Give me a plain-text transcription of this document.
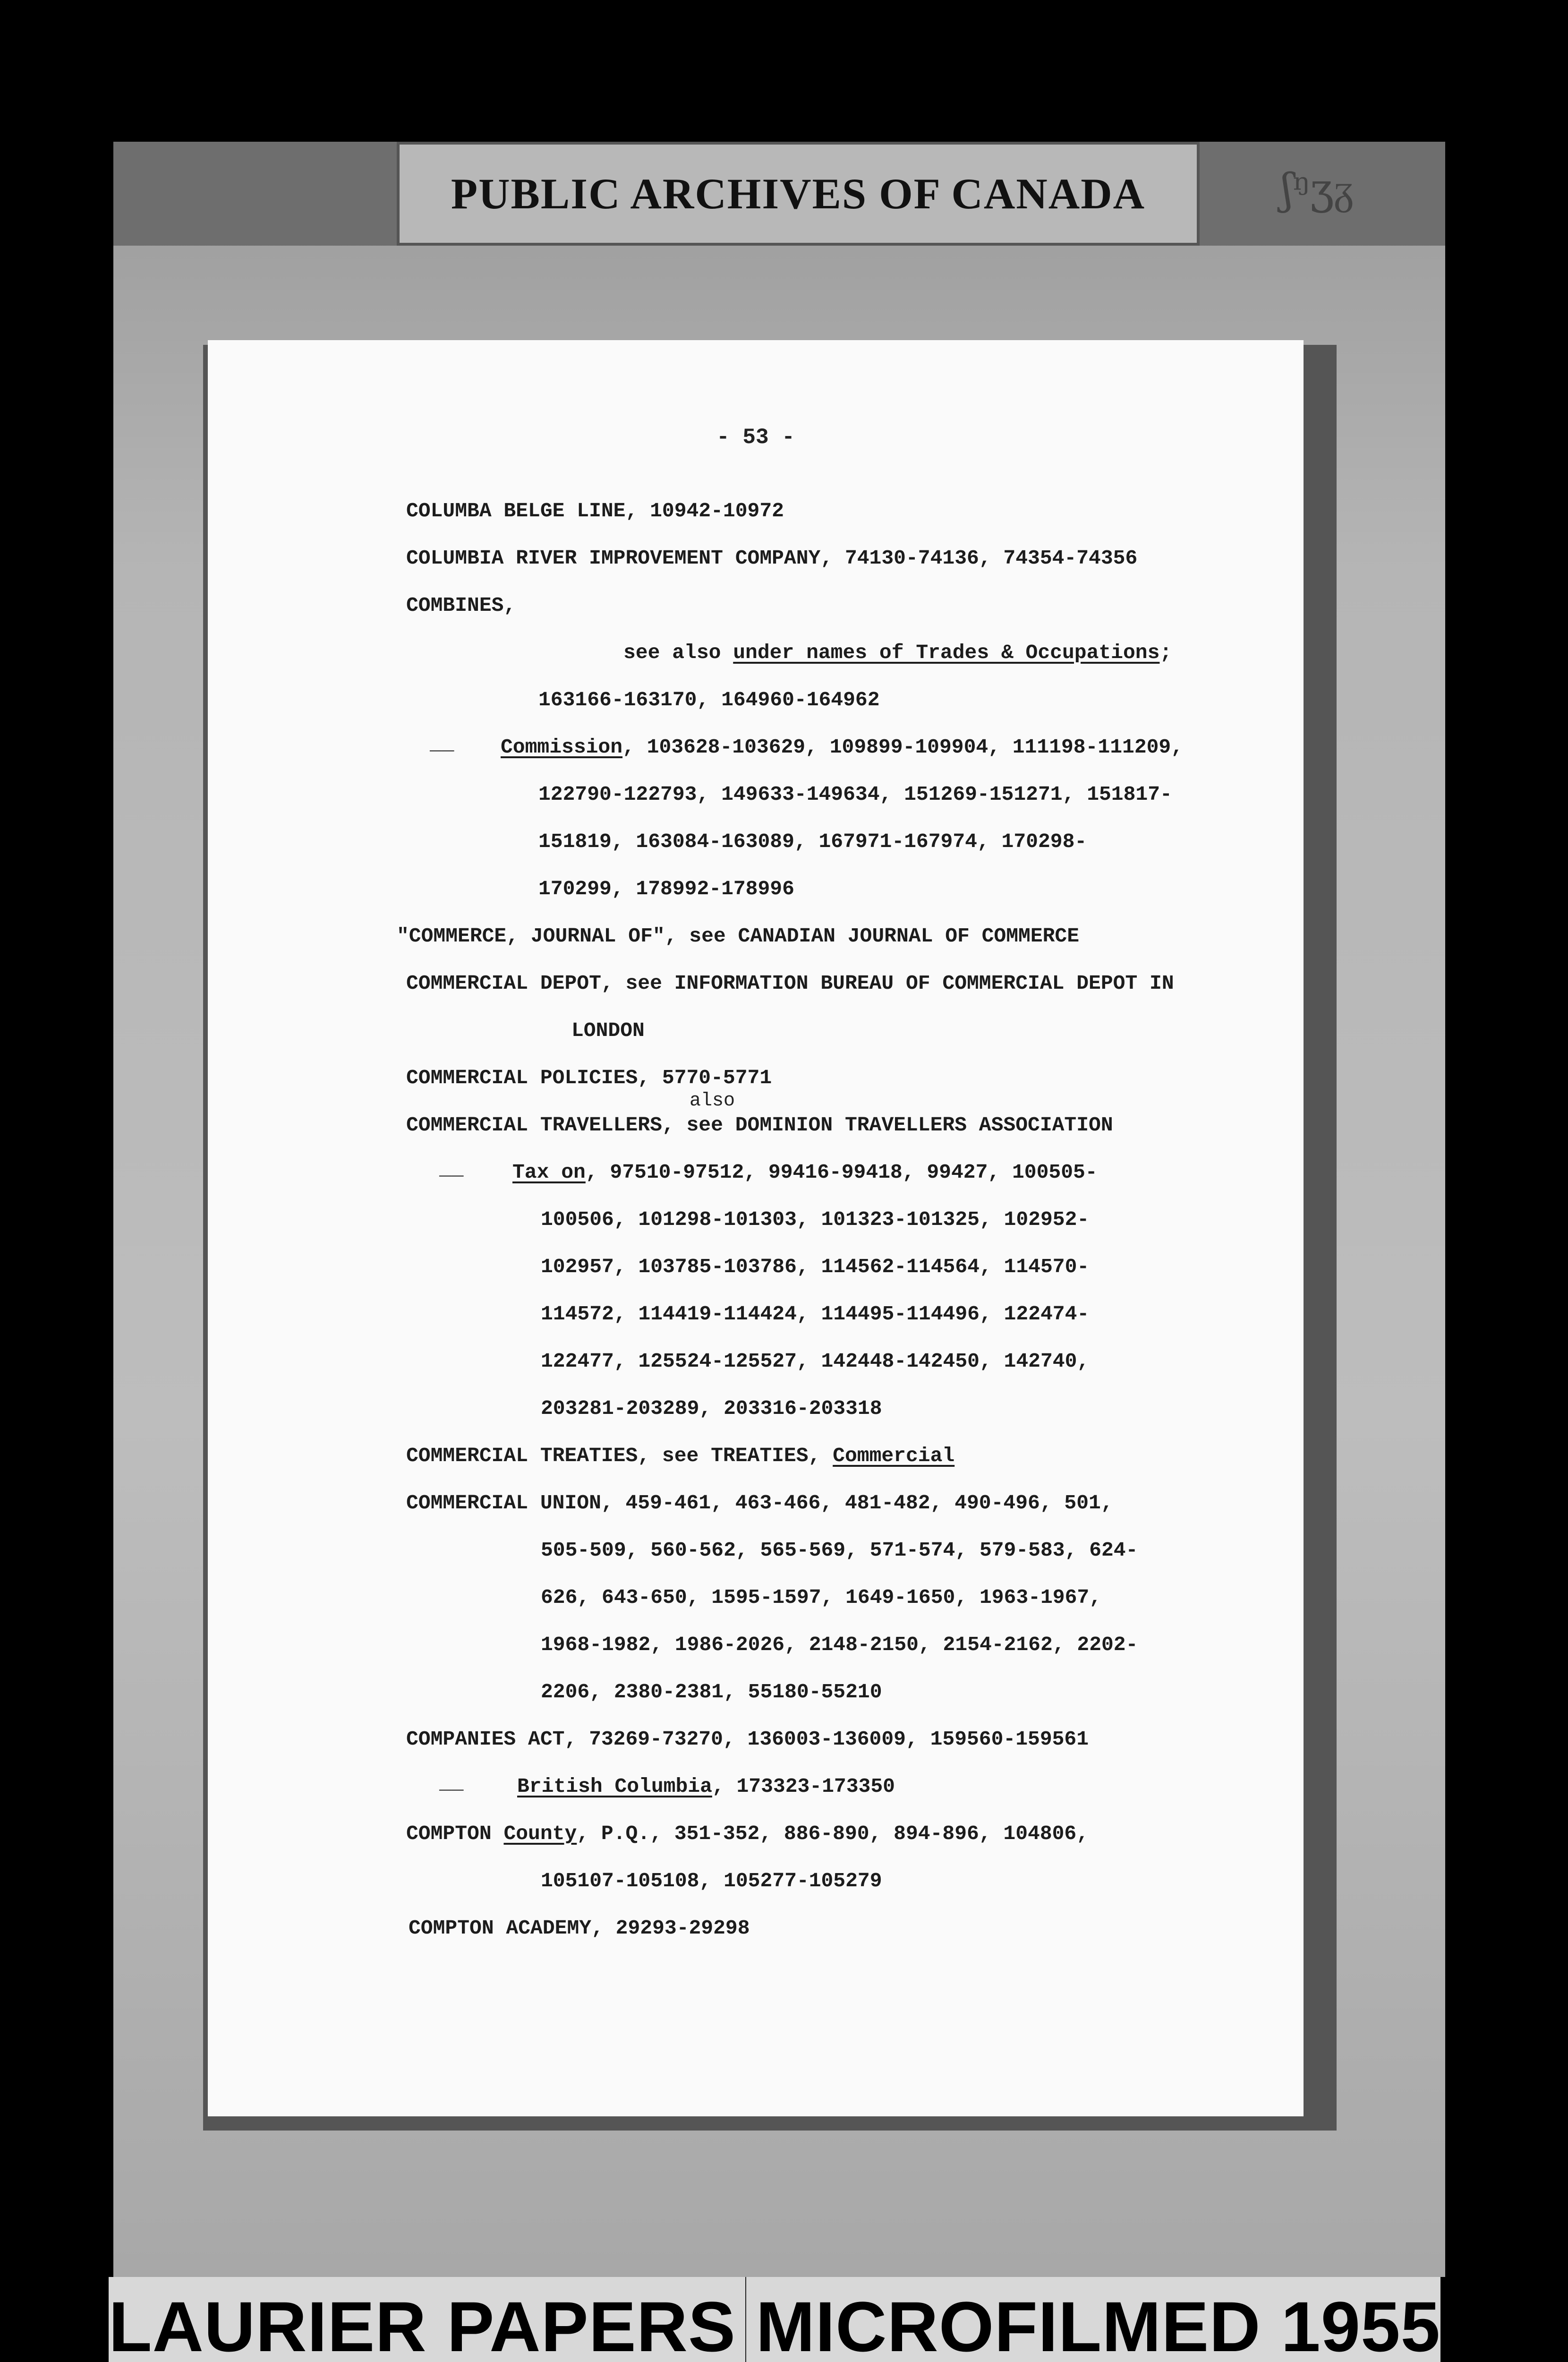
PUBLIC ARCHIVES OF CANADA	ʃᵑʒᵹ
- 53 -
COLUMBA BELGE LINE, 10942-10972
COLUMBIA RIVER IMPROVEMENT COMPANY, 74130-74136, 74354-74356
COMBINES,
see also under names of Trades & Occupations;
163166-163170, 164960-164962
__ Commission, 103628-103629, 109899-109904, 111198-111209,
122790-122793, 149633-149634, 151269-151271, 151817-
151819, 163084-163089, 167971-167974, 170298-
170299, 178992-178996
"COMMERCE, JOURNAL OF", see CANADIAN JOURNAL OF COMMERCE
COMMERCIAL DEPOT, see INFORMATION BUREAU OF COMMERCIAL DEPOT IN
LONDON
COMMERCIAL POLICIES, 5770-5771
also
COMMERCIAL TRAVELLERS, see DOMINION TRAVELLERS ASSOCIATION
__ Tax on, 97510-97512, 99416-99418, 99427, 100505-
100506, 101298-101303, 101323-101325, 102952-
102957, 103785-103786, 114562-114564, 114570-
114572, 114419-114424, 114495-114496, 122474-
122477, 125524-125527, 142448-142450, 142740,
203281-203289, 203316-203318
COMMERCIAL TREATIES, see TREATIES, Commercial
COMMERCIAL UNION, 459-461, 463-466, 481-482, 490-496, 501,
505-509, 560-562, 565-569, 571-574, 579-583, 624-
626, 643-650, 1595-1597, 1649-1650, 1963-1967,
1968-1982, 1986-2026, 2148-2150, 2154-2162, 2202-
2206, 2380-2381, 55180-55210
COMPANIES ACT, 73269-73270, 136003-136009, 159560-159561
__	British Columbia, 173323-173350
COMPTON County, P.Q., 351-352, 886-890, 894-896, 104806,
105107-105108, 105277-105279
COMPTON ACADEMY, 29293-29298
LAURIER PAPERS MICROFILMED 1955
